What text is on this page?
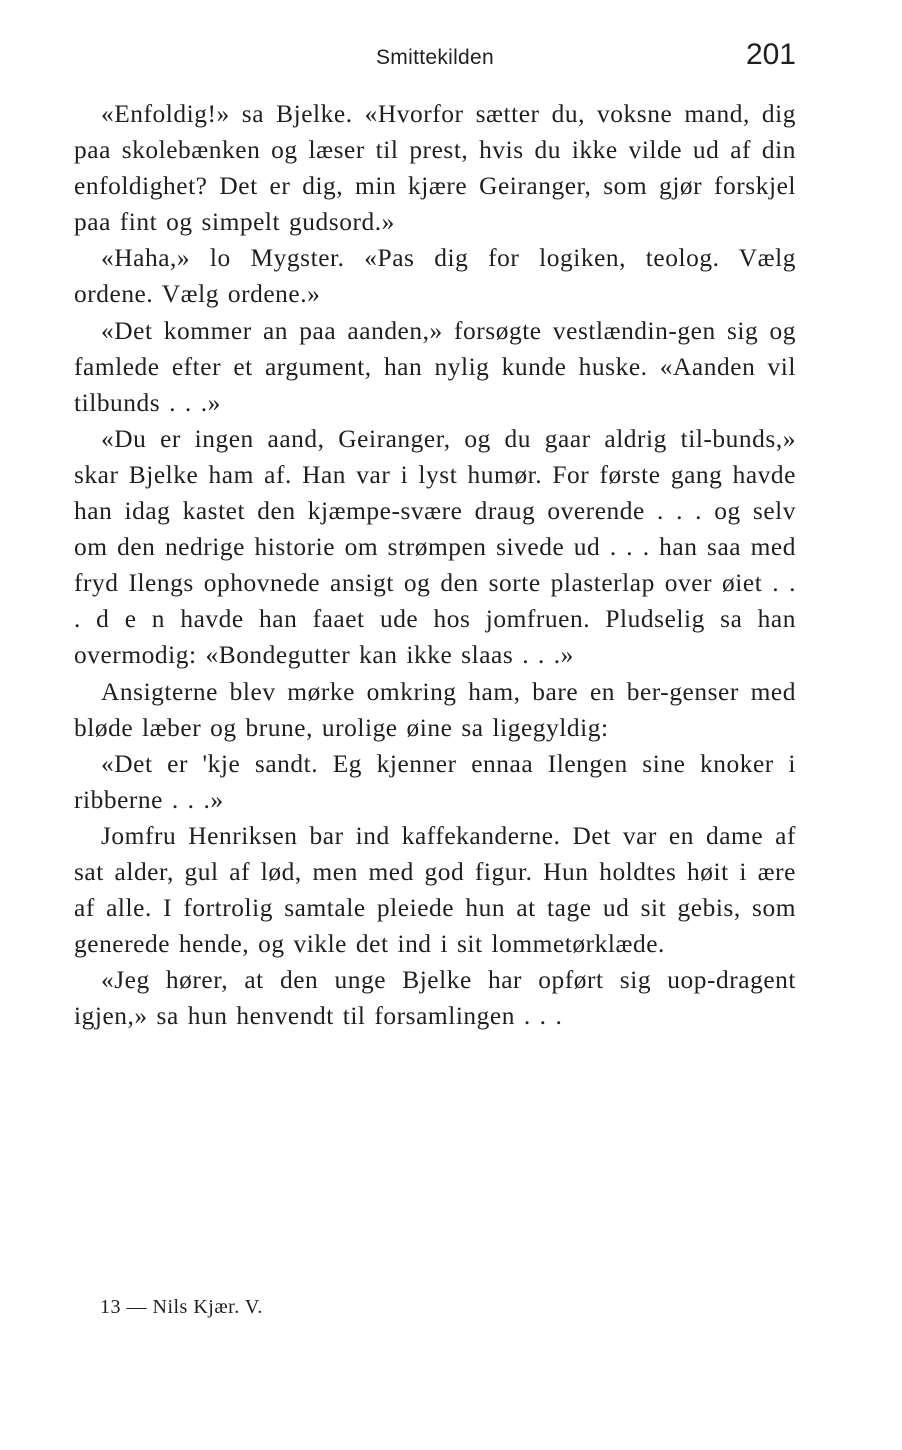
Smittekilden	201

«Enfoldig!» sa Bjelke. «Hvorfor sætter du, voksne mand, dig paa skolebænken og læser til prest, hvis du ikke vilde ud af din enfoldighet? Det er dig, min kjære Geiranger, som gjør forskjel paa fint og simpelt gudsord.»

«Haha,» lo Mygster. «Pas dig for logiken, teolog. Vælg ordene. Vælg ordene.»

«Det kommer an paa aanden,» forsøgte vestlændin-gen sig og famlede efter et argument, han nylig kunde huske. «Aanden vil tilbunds . . .»

«Du er ingen aand, Geiranger, og du gaar aldrig til-bunds,» skar Bjelke ham af. Han var i lyst humør. For første gang havde han idag kastet den kjæmpe-svære draug overende . . . og selv om den nedrige historie om strømpen sivede ud . . . han saa med fryd Ilengs ophovnede ansigt og den sorte plasterlap over øiet . . . d e n havde han faaet ude hos jomfruen. Pludselig sa han overmodig: «Bondegutter kan ikke slaas . . .»

Ansigterne blev mørke omkring ham, bare en ber-genser med bløde læber og brune, urolige øine sa ligegyldig:

«Det er 'kje sandt. Eg kjenner ennaa Ilengen sine knoker i ribberne . . .»

Jomfru Henriksen bar ind kaffekanderne. Det var en dame af sat alder, gul af lød, men med god figur. Hun holdtes høit i ære af alle. I fortrolig samtale pleiede hun at tage ud sit gebis, som generede hende, og vikle det ind i sit lommetørklæde.

«Jeg hører, at den unge Bjelke har opført sig uop-dragent igjen,» sa hun henvendt til forsamlingen . . .

13 — Nils Kjær. V.
